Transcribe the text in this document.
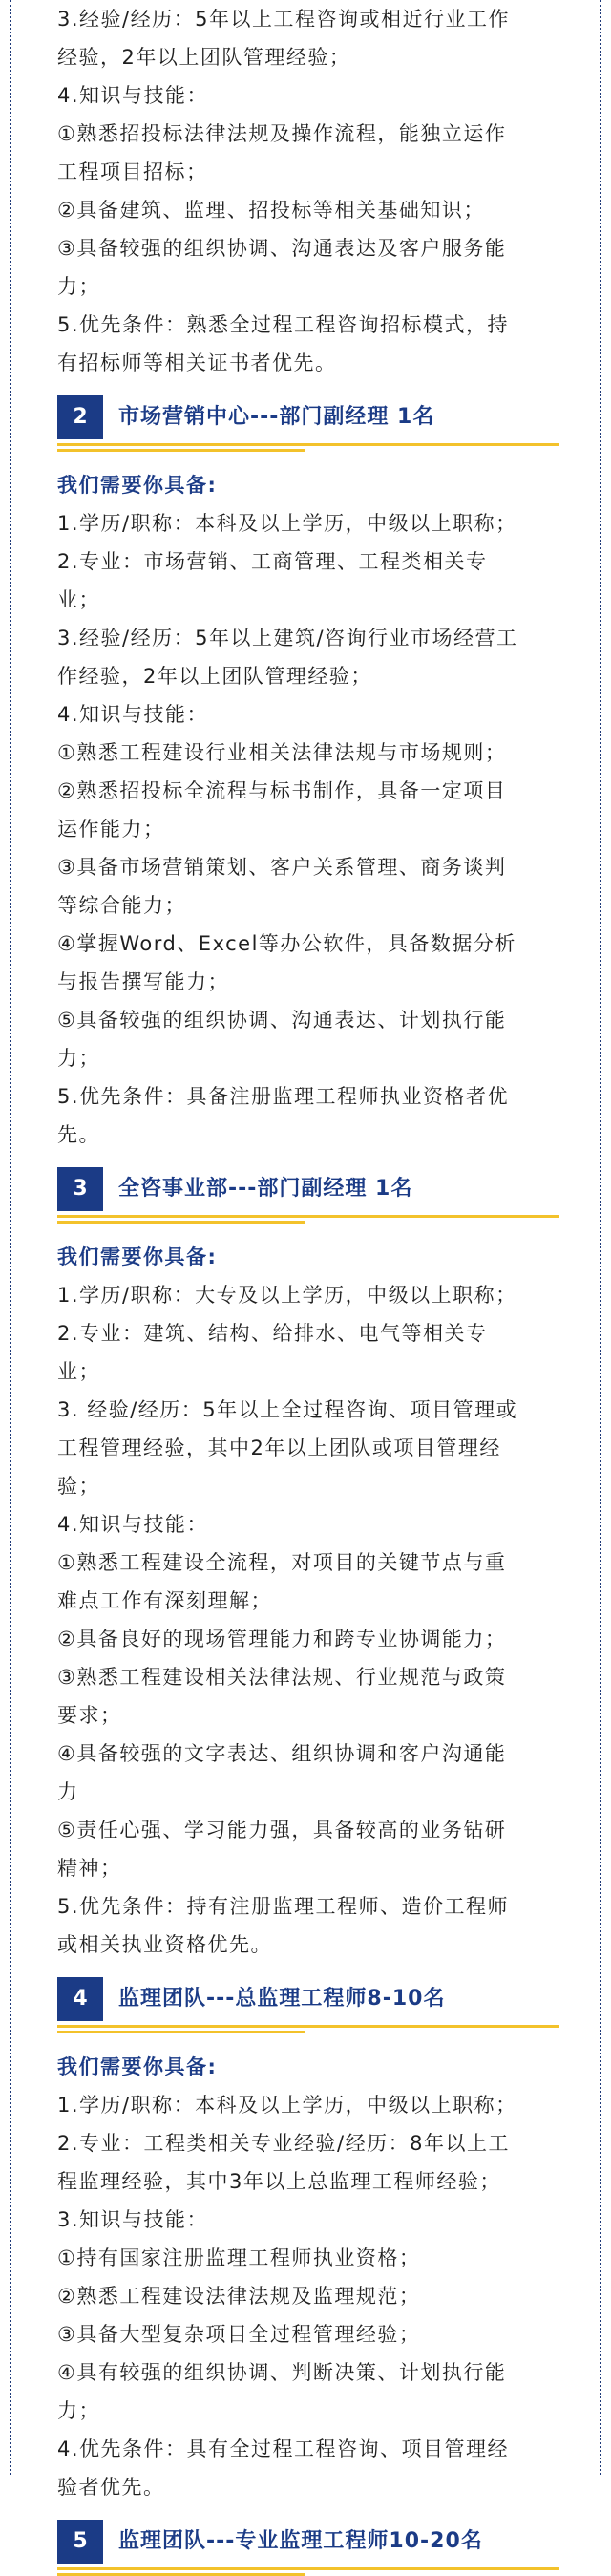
3.经验/经历：5年以上工程咨询或相近行业工作

经验，2年以上团队管理经验；

4.知识与技能：

①熟悉招投标法律法规及操作流程，能独立运作

工程项目招标；

②具备建筑、监理、招投标等相关基础知识；

③具备较强的组织协调、沟通表达及客户服务能

力；

5.优先条件：熟悉全过程工程咨询招标模式，持

有招标师等相关证书者优先。

2	市场营销中心---部门副经理 1名
我们需要你具备:

1.学历/职称：本科及以上学历，中级以上职称；

2.专业：市场营销、工商管理、工程类相关专

业；

3.经验/经历：5年以上建筑/咨询行业市场经营工

作经验，2年以上团队管理经验；

4.知识与技能：

①熟悉工程建设行业相关法律法规与市场规则；

②熟悉招投标全流程与标书制作，具备一定项目

运作能力；

③具备市场营销策划、客户关系管理、商务谈判

等综合能力；

④掌握Word、Excel等办公软件，具备数据分析

与报告撰写能力；

⑤具备较强的组织协调、沟通表达、计划执行能

力；

5.优先条件：具备注册监理工程师执业资格者优

先。

3	全咨事业部---部门副经理 1名
我们需要你具备:

1.学历/职称：大专及以上学历，中级以上职称；

2.专业：建筑、结构、给排水、电气等相关专

业；

3. 经验/经历：5年以上全过程咨询、项目管理或

工程管理经验，其中2年以上团队或项目管理经

验；

4.知识与技能：

①熟悉工程建设全流程，对项目的关键节点与重

难点工作有深刻理解；

②具备良好的现场管理能力和跨专业协调能力；

③熟悉工程建设相关法律法规、行业规范与政策

要求；

④具备较强的文字表达、组织协调和客户沟通能

力

⑤责任心强、学习能力强，具备较高的业务钻研

精神；

5.优先条件：持有注册监理工程师、造价工程师

或相关执业资格优先。

4	监理团队---总监理工程师8-10名
我们需要你具备:

1.学历/职称：本科及以上学历，中级以上职称；

2.专业：工程类相关专业经验/经历：8年以上工

程监理经验，其中3年以上总监理工程师经验；

3.知识与技能：

①持有国家注册监理工程师执业资格；

②熟悉工程建设法律法规及监理规范；

③具备大型复杂项目全过程管理经验；

④具有较强的组织协调、判断决策、计划执行能

力；

4.优先条件：具有全过程工程咨询、项目管理经

验者优先。

5	监理团队---专业监理工程师10-20名
